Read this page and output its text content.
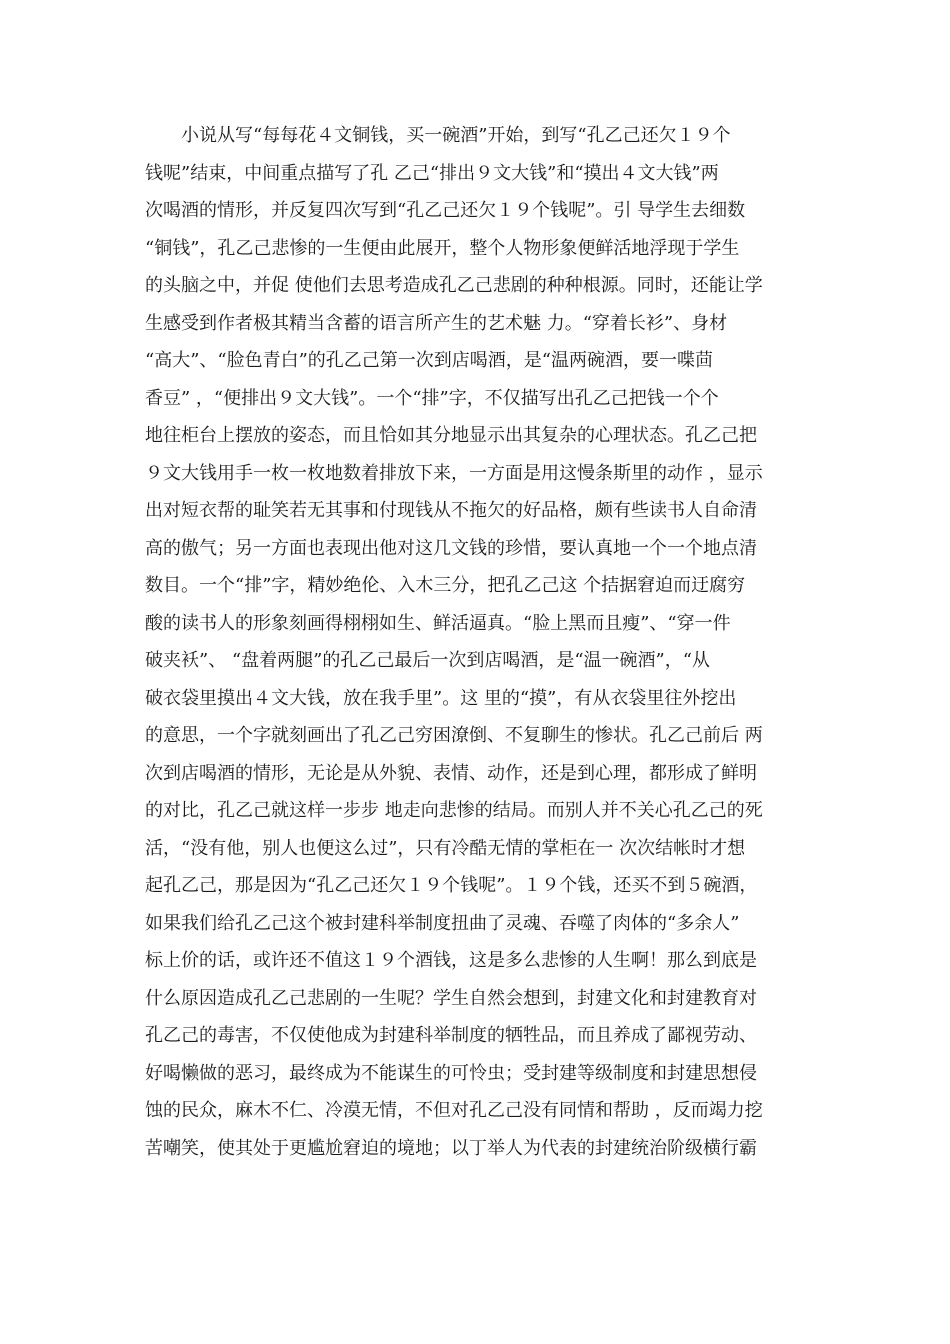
小说从写“每每花４文铜钱，买一碗酒”开始，到写“孔乙己还欠１９个
钱呢”结束，中间重点描写了孔 乙己“排出９文大钱”和“摸出４文大钱”两
次喝酒的情形，并反复四次写到“孔乙己还欠１９个钱呢”。引 导学生去细数
“铜钱”，孔乙己悲惨的一生便由此展开，整个人物形象便鲜活地浮现于学生
的头脑之中，并促 使他们去思考造成孔乙己悲剧的种种根源。同时，还能让学
生感受到作者极其精当含蓄的语言所产生的艺术魅 力。“穿着长衫”、身材
“高大”、“脸色青白”的孔乙己第一次到店喝酒，是“温两碗酒，要一喋茴
香豆” ，“便排出９文大钱”。一个“排”字，不仅描写出孔乙己把钱一个个
地往柜台上摆放的姿态，而且恰如其分地显示出其复杂的心理状态。孔乙己把
９文大钱用手一枚一枚地数着排放下来，一方面是用这慢条斯里的动作 ，显示
出对短衣帮的耻笑若无其事和付现钱从不拖欠的好品格，颇有些读书人自命清
高的傲气；另一方面也表现出他对这几文钱的珍惜，要认真地一个一个地点清
数目。一个“排”字，精妙绝伦、入木三分，把孔乙己这 个拮据窘迫而迂腐穷
酸的读书人的形象刻画得栩栩如生、鲜活逼真。“脸上黑而且瘦”、“穿一件
破夹袄”、 “盘着两腿”的孔乙己最后一次到店喝酒，是“温一碗酒”，“从
破衣袋里摸出４文大钱，放在我手里”。这 里的“摸”，有从衣袋里往外挖出
的意思，一个字就刻画出了孔乙己穷困潦倒、不复聊生的惨状。孔乙己前后 两
次到店喝酒的情形，无论是从外貌、表情、动作，还是到心理，都形成了鲜明
的对比，孔乙己就这样一步步 地走向悲惨的结局。而别人并不关心孔乙己的死
活，“没有他，别人也便这么过”，只有冷酷无情的掌柜在一 次次结帐时才想
起孔乙己，那是因为“孔乙己还欠１９个钱呢”。１９个钱，还买不到５碗酒，
如果我们给孔乙己这个被封建科举制度扭曲了灵魂、吞噬了肉体的“多余人”
标上价的话，或许还不值这１９个酒钱，这是多么悲惨的人生啊！那么到底是
什么原因造成孔乙己悲剧的一生呢？学生自然会想到，封建文化和封建教育对
孔乙己的毒害，不仅使他成为封建科举制度的牺牲品，而且养成了鄙视劳动、
好喝懒做的恶习，最终成为不能谋生的可怜虫；受封建等级制度和封建思想侵
蚀的民众，麻木不仁、冷漠无情，不但对孔乙己没有同情和帮助 ，反而竭力挖
苦嘲笑，使其处于更尴尬窘迫的境地；以丁举人为代表的封建统治阶级横行霸
